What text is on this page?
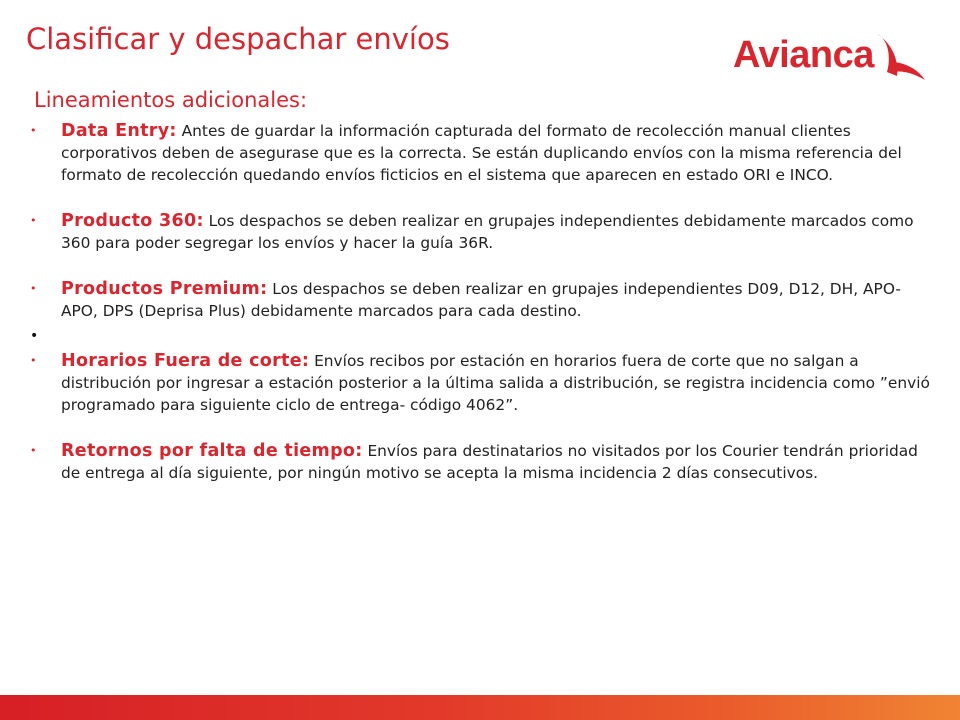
Clasificar y despachar envíos	Avianca
Lineamientos adicionales:
• Data Entry: Antes de guardar la información capturada del formato de recolección manual clientes corporativos deben de asegurase que es la correcta. Se están duplicando envíos con la misma referencia del formato de recolección quedando envíos ficticios en el sistema que aparecen en estado ORI e INCO.
• Producto 360: Los despachos se deben realizar en grupajes independientes debidamente marcados como 360 para poder segregar los envíos y hacer la guía 36R.
• Productos Premium: Los despachos se deben realizar en grupajes independientes D09, D12, DH, APO-APO, DPS (Deprisa Plus) debidamente marcados para cada destino.
•
• Horarios Fuera de corte: Envíos recibos por estación en horarios fuera de corte que no salgan a distribución por ingresar a estación posterior a la última salida a distribución, se registra incidencia como ”envió programado para siguiente ciclo de entrega- código 4062”.
• Retornos por falta de tiempo: Envíos para destinatarios no visitados por los Courier tendrán prioridad de entrega al día siguiente, por ningún motivo se acepta la misma incidencia 2 días consecutivos.
